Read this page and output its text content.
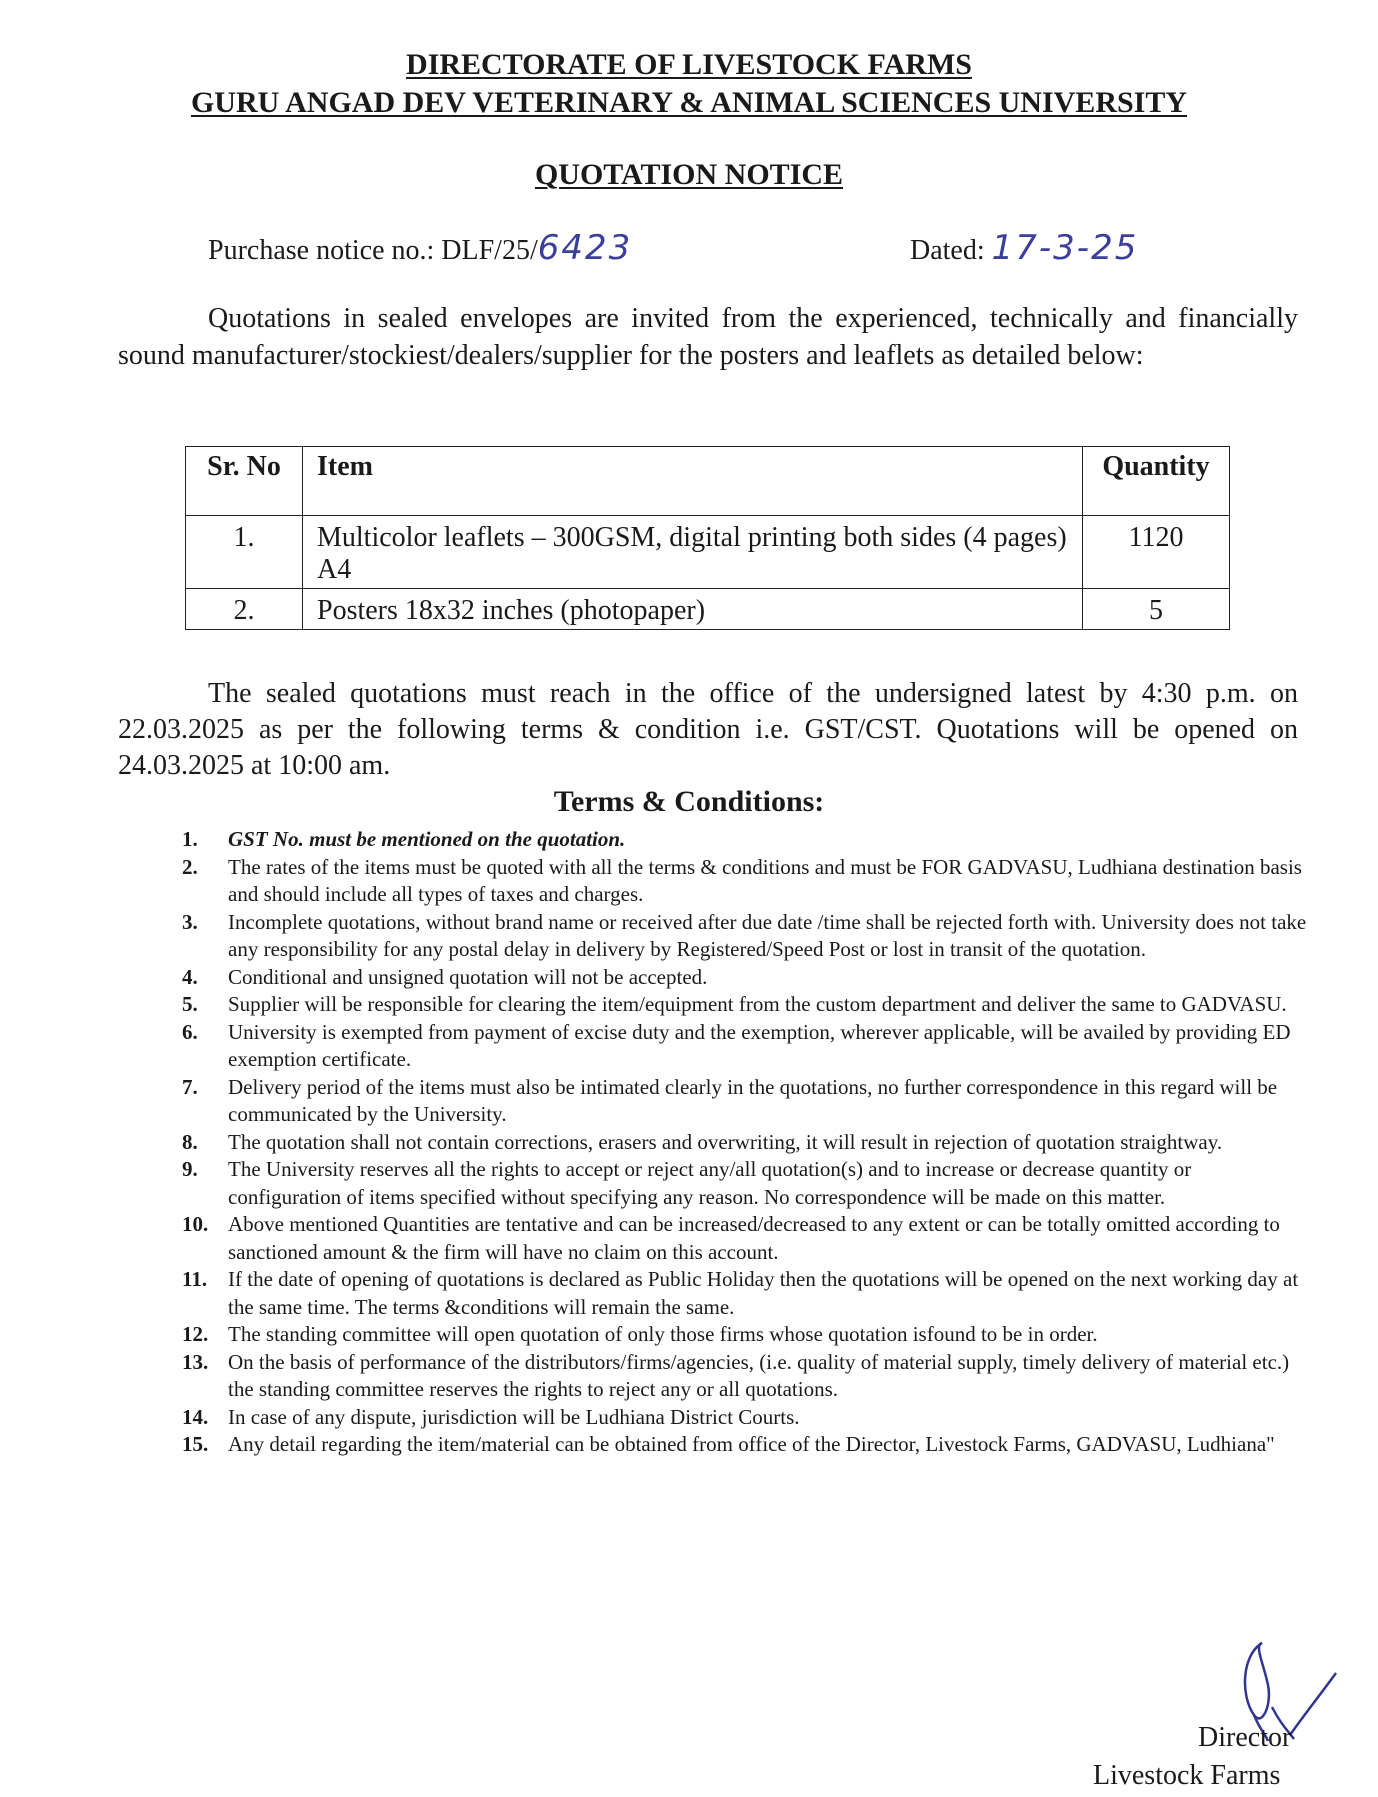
DIRECTORATE OF LIVESTOCK FARMS
GURU ANGAD DEV VETERINARY & ANIMAL SCIENCES UNIVERSITY
QUOTATION NOTICE
Purchase notice no.: DLF/25/6423	Dated: 17-3-25
Quotations in sealed envelopes are invited from the experienced, technically and financially sound manufacturer/stockiest/dealers/supplier for the posters and leaflets as detailed below:
Sr. No	Item	Quantity
1.	Multicolor leaflets – 300GSM, digital printing both sides (4 pages) A4	1120
2.	Posters 18x32 inches (photopaper)	5
The sealed quotations must reach in the office of the undersigned latest by 4:30 p.m. on 22.03.2025 as per the following terms & condition i.e. GST/CST. Quotations will be opened on 24.03.2025 at 10:00 am.
Terms & Conditions:
1. GST No. must be mentioned on the quotation.
2. The rates of the items must be quoted with all the terms & conditions and must be FOR GADVASU, Ludhiana destination basis and should include all types of taxes and charges.
3. Incomplete quotations, without brand name or received after due date /time shall be rejected forth with. University does not take any responsibility for any postal delay in delivery by Registered/Speed Post or lost in transit of the quotation.
4. Conditional and unsigned quotation will not be accepted.
5. Supplier will be responsible for clearing the item/equipment from the custom department and deliver the same to GADVASU.
6. University is exempted from payment of excise duty and the exemption, wherever applicable, will be availed by providing ED exemption certificate.
7. Delivery period of the items must also be intimated clearly in the quotations, no further correspondence in this regard will be communicated by the University.
8. The quotation shall not contain corrections, erasers and overwriting, it will result in rejection of quotation straightway.
9. The University reserves all the rights to accept or reject any/all quotation(s) and to increase or decrease quantity or configuration of items specified without specifying any reason. No correspondence will be made on this matter.
10. Above mentioned Quantities are tentative and can be increased/decreased to any extent or can be totally omitted according to sanctioned amount & the firm will have no claim on this account.
11. If the date of opening of quotations is declared as Public Holiday then the quotations will be opened on the next working day at the same time. The terms &conditions will remain the same.
12. The standing committee will open quotation of only those firms whose quotation isfound to be in order.
13. On the basis of performance of the distributors/firms/agencies, (i.e. quality of material supply, timely delivery of material etc.) the standing committee reserves the rights to reject any or all quotations.
14. In case of any dispute, jurisdiction will be Ludhiana District Courts.
15. Any detail regarding the item/material can be obtained from office of the Director, Livestock Farms, GADVASU, Ludhiana"
Director
Livestock Farms
